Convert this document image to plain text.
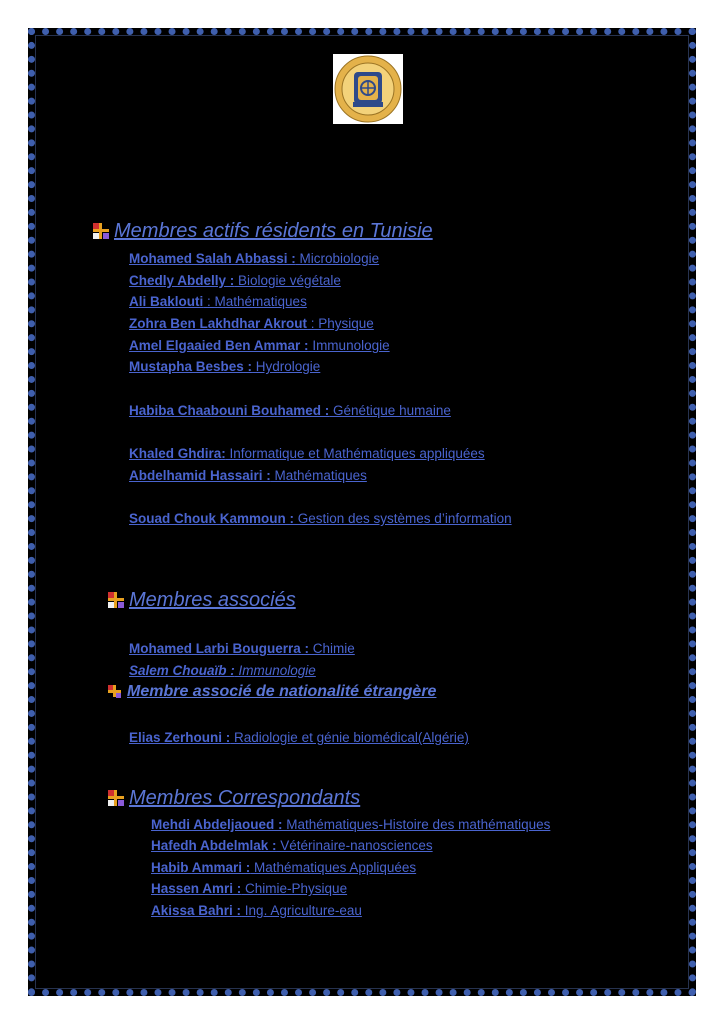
Membres actifs résidents en Tunisie
Mohamed Salah Abbassi : Microbiologie
Chedly Abdelly : Biologie végétale
Ali Baklouti : Mathématiques
Zohra Ben Lakhdhar Akrout : Physique
Amel Elgaaied Ben Ammar : Immunologie
Mustapha Besbes : Hydrologie
Habiba Chaabouni Bouhamed : Génétique humaine
Khaled Ghdira: Informatique et Mathématiques appliquées
Abdelhamid Hassairi : Mathématiques
Souad Chouk Kammoun : Gestion des systèmes d’information
Membres associés
Mohamed Larbi Bouguerra : Chimie
Salem Chouaïb : Immunologie
Membre associé de nationalité étrangère
Elias Zerhouni : Radiologie et génie biomédical(Algérie)
Membres Correspondants
Mehdi Abdeljaoued : Mathématiques-Histoire des mathématiques
Hafedh Abdelmlak : Vétérinaire-nanosciences
Habib Ammari : Mathématiques Appliquées
Hassen Amri : Chimie-Physique
Akissa Bahri : Ing. Agriculture-eau
